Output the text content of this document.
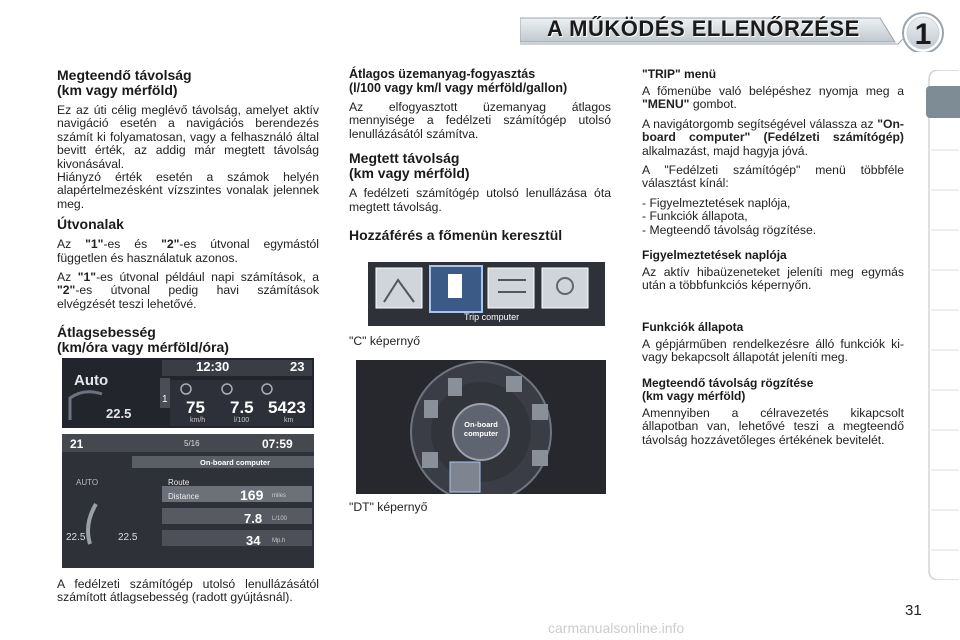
A MŰKÖDÉS ELLENŐRZÉSE	1
Megteendő távolság
(km vagy mérföld)

Ez az úti célig meglévő távolság, amelyet aktív navigáció esetén a navigációs berendezés számít ki folyamatosan, vagy a felhasználó által bevitt érték, az addig már megtett távolság kivonásával.

Hiányzó érték esetén a számok helyén alapértelmezésként vízszintes vonalak jelennek meg.

Útvonalak

Az "1"-es és "2"-es útvonal egymástól független és használatuk azonos.

Az "1"-es útvonal például napi számítások, a "2"-es útvonal pedig havi számítások elvégzését teszi lehetővé.

Átlagsebesség
(km/óra vagy mérföld/óra)
12:30	23
Auto
22.5
1 75 7.5 5423
km/h	l/100	km
21	5/16	07:59
On-board computer
AUTO	Route
Distance	169 miles
7.8 L/100
34 Mp.h
22.5	22.5
A fedélzeti számítógép utolsó lenullázásától számított átlagsebesség (radott gyújtásnál).
Átlagos üzemanyag-fogyasztás
(l/100 vagy km/l vagy mérföld/gallon)

Az elfogyasztott üzemanyag átlagos mennyisége a fedélzeti számítógép utolsó lenullázásától számítva.

Megtett távolság
(km vagy mérföld)

A fedélzeti számítógép utolsó lenullázása óta megtett távolság.

Hozzáférés a főmenün keresztül
Trip computer
"C" képernyő
On-board
computer
"DT" képernyő
"TRIP" menü

A főmenübe való belépéshez nyomja meg a "MENU" gombot.

A navigátorgomb segítségével válassza az "On-board computer" (Fedélzeti számítógép) alkalmazást, majd hagyja jóvá.

A "Fedélzeti számítógép" menü többféle választást kínál:

- Figyelmeztetések naplója,
- Funkciók állapota,
- Megteendő távolság rögzítése.
Figyelmeztetések naplója

Az aktív hibaüzeneteket jeleníti meg egymás után a többfunkciós képernyőn.

Funkciók állapota

A gépjárműben rendelkezésre álló funkciók ki- vagy bekapcsolt állapotát jeleníti meg.

Megteendő távolság rögzítése
(km vagy mérföld)

Amennyiben a célravezetés kikapcsolt állapotban van, lehetővé teszi a megteendő távolság hozzávetőleges értékének bevitelét.

31
carmanualsonline.info
